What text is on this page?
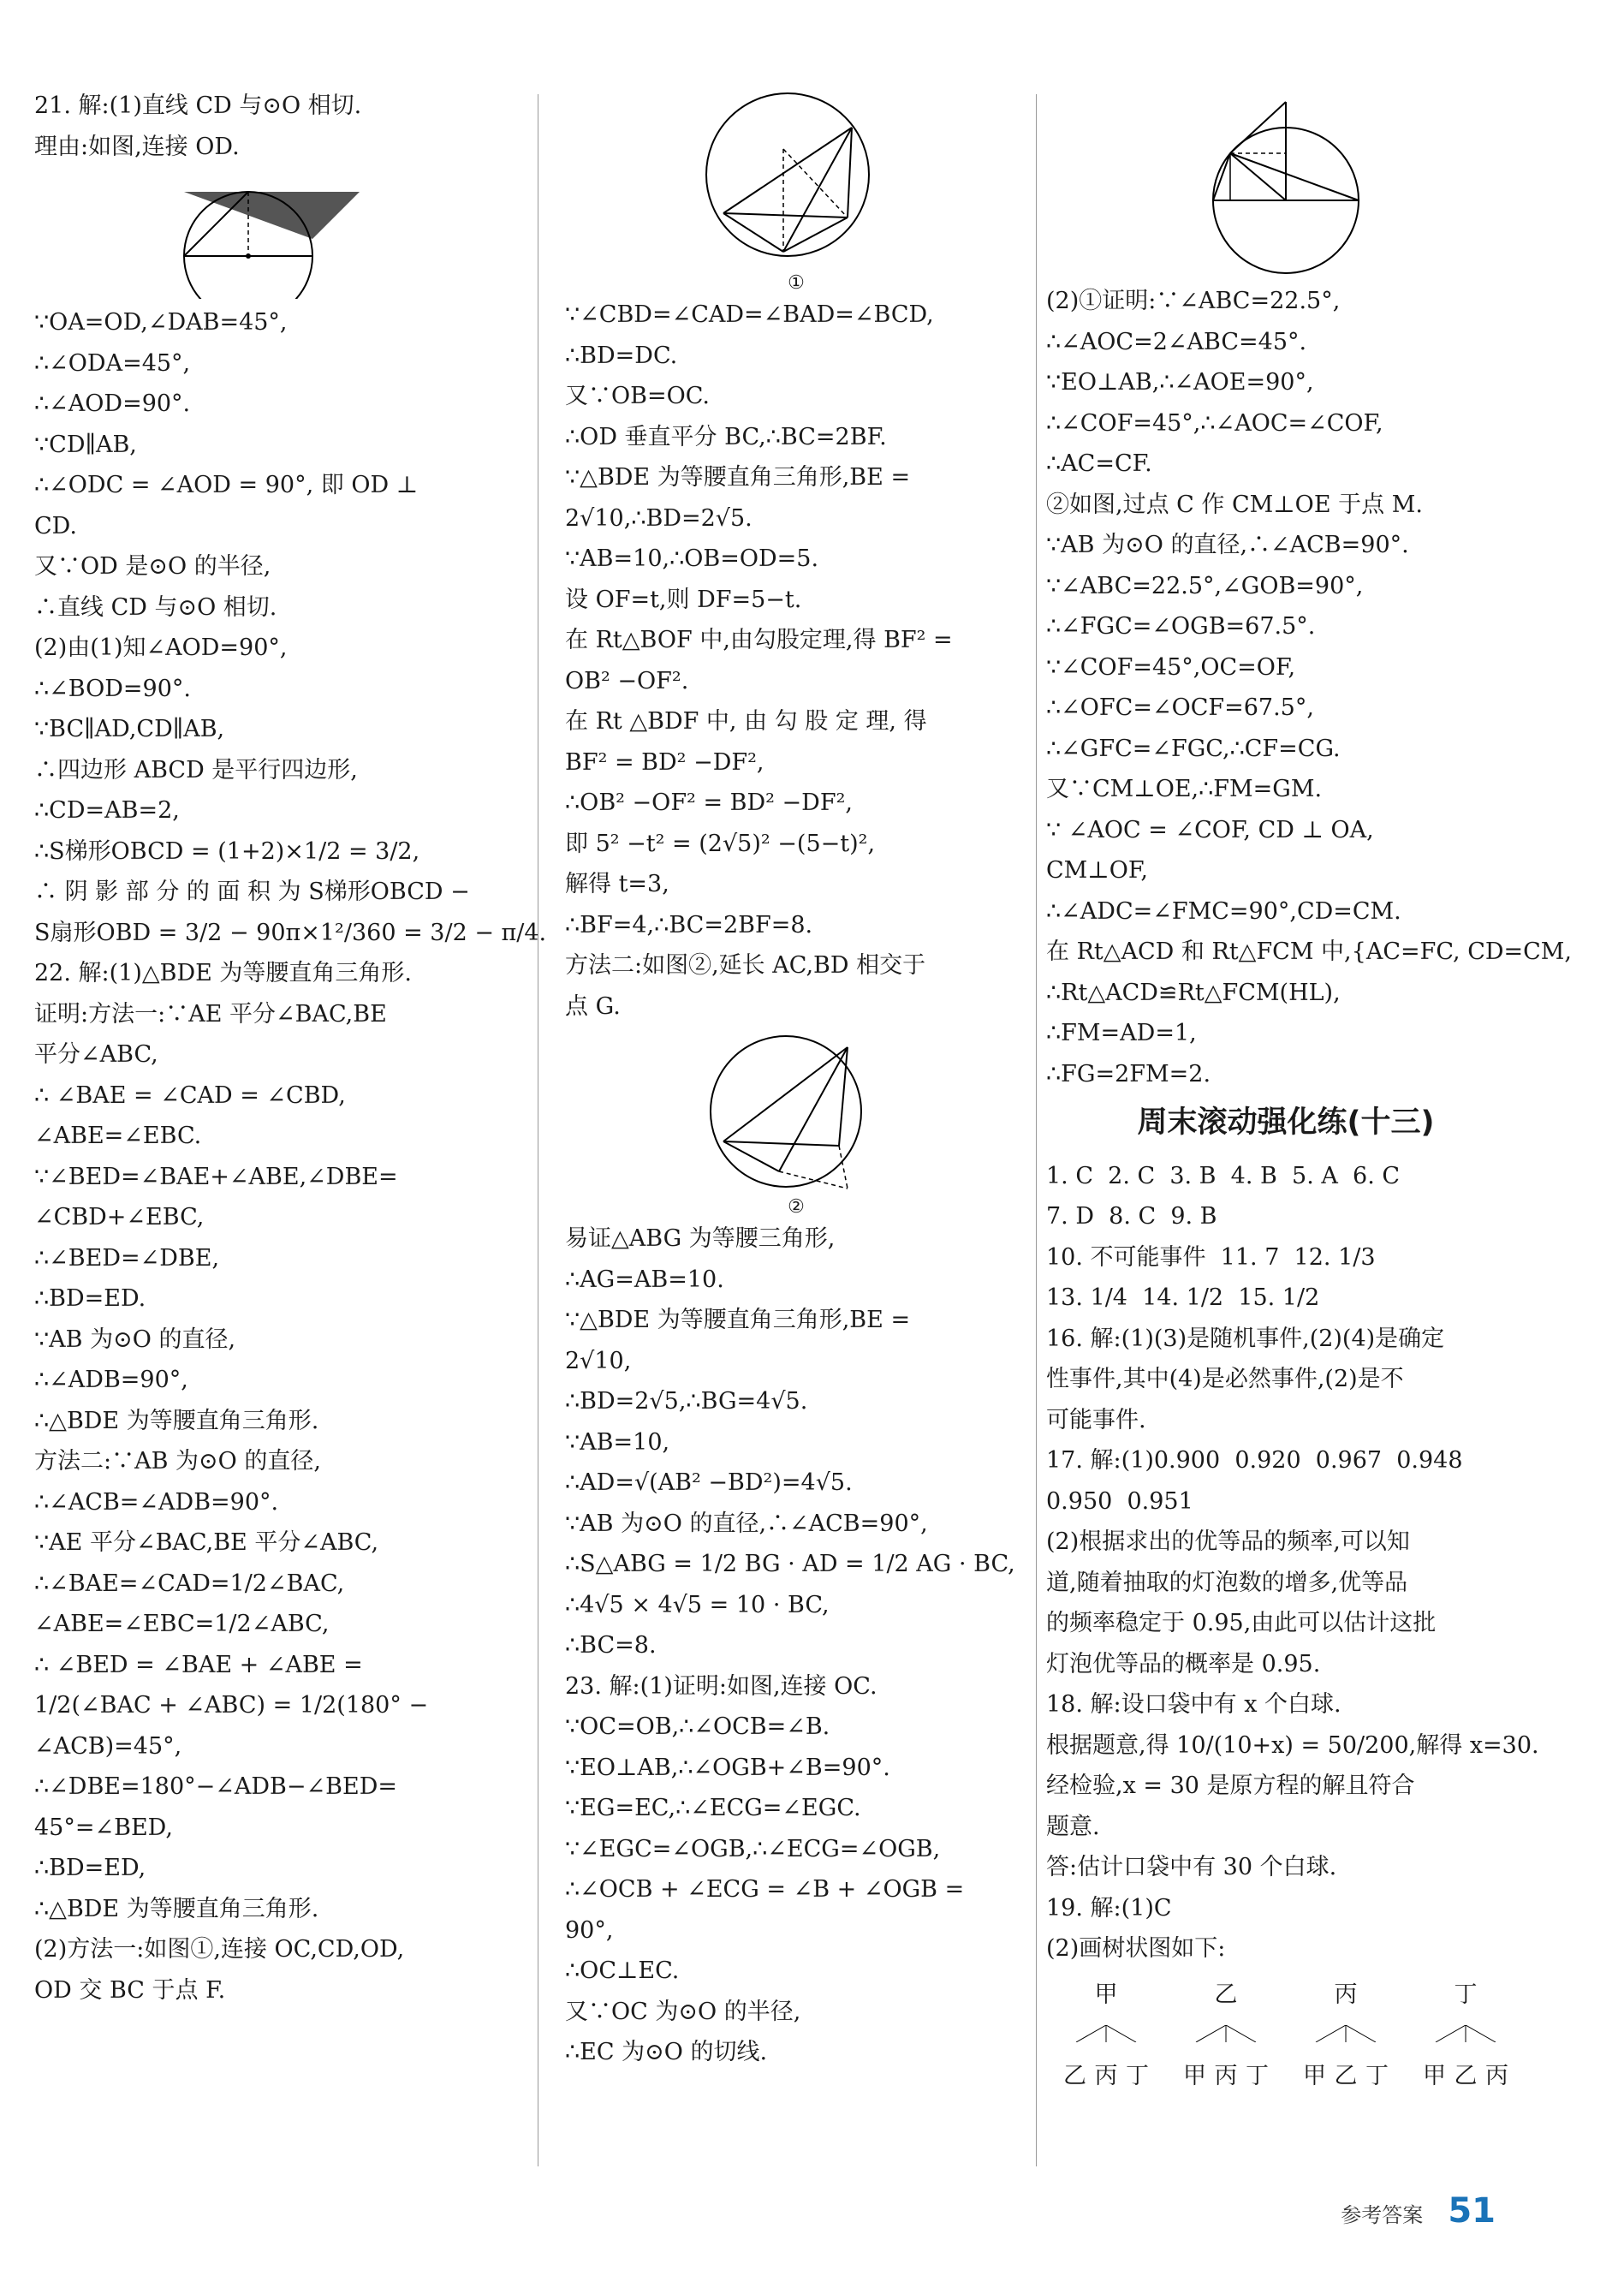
21. 解:(1)直线 CD 与⊙O 相切.
理由:如图,连接 OD.
∵OA=OD,∠DAB=45°,
∴∠ODA=45°,
∴∠AOD=90°.
∵CD∥AB,
∴∠ODC = ∠AOD = 90°, 即 OD ⊥
CD.
又∵OD 是⊙O 的半径,
∴直线 CD 与⊙O 相切.
(2)由(1)知∠AOD=90°,
∴∠BOD=90°.
∵BC∥AD,CD∥AB,
∴四边形 ABCD 是平行四边形,
∴CD=AB=2,
∴S梯形OBCD = (1+2)×1/2 = 3/2,
∴ 阴 影 部 分 的 面 积 为 S梯形OBCD −
S扇形OBD = 3/2 − 90π×1²/360 = 3/2 − π/4.
22. 解:(1)△BDE 为等腰直角三角形.
证明:方法一:∵AE 平分∠BAC,BE
平分∠ABC,
∴ ∠BAE = ∠CAD = ∠CBD,
∠ABE=∠EBC.
∵∠BED=∠BAE+∠ABE,∠DBE=
∠CBD+∠EBC,
∴∠BED=∠DBE,
∴BD=ED.
∵AB 为⊙O 的直径,
∴∠ADB=90°,
∴△BDE 为等腰直角三角形.
方法二:∵AB 为⊙O 的直径,
∴∠ACB=∠ADB=90°.
∵AE 平分∠BAC,BE 平分∠ABC,
∴∠BAE=∠CAD=1/2∠BAC,
∠ABE=∠EBC=1/2∠ABC,
∴ ∠BED = ∠BAE + ∠ABE =
1/2(∠BAC + ∠ABC) = 1/2(180° −
∠ACB)=45°,
∴∠DBE=180°−∠ADB−∠BED=
45°=∠BED,
∴BD=ED,
∴△BDE 为等腰直角三角形.
(2)方法一:如图①,连接 OC,CD,OD,
OD 交 BC 于点 F.
①
∵∠CBD=∠CAD=∠BAD=∠BCD,
∴BD=DC.
又∵OB=OC.
∴OD 垂直平分 BC,∴BC=2BF.
∵△BDE 为等腰直角三角形,BE =
2√10,∴BD=2√5.
∵AB=10,∴OB=OD=5.
设 OF=t,则 DF=5−t.
在 Rt△BOF 中,由勾股定理,得 BF² =
OB² −OF².
在 Rt △BDF 中, 由 勾 股 定 理, 得
BF² = BD² −DF²,
∴OB² −OF² = BD² −DF²,
即 5² −t² = (2√5)² −(5−t)²,
解得 t=3,
∴BF=4,∴BC=2BF=8.
方法二:如图②,延长 AC,BD 相交于
点 G.
②
易证△ABG 为等腰三角形,
∴AG=AB=10.
∵△BDE 为等腰直角三角形,BE =
2√10,
∴BD=2√5,∴BG=4√5.
∵AB=10,
∴AD=√(AB² −BD²)=4√5.
∵AB 为⊙O 的直径,∴∠ACB=90°,
∴S△ABG = 1/2 BG · AD = 1/2 AG · BC,
∴4√5 × 4√5 = 10 · BC,
∴BC=8.
23. 解:(1)证明:如图,连接 OC.
∵OC=OB,∴∠OCB=∠B.
∵EO⊥AB,∴∠OGB+∠B=90°.
∵EG=EC,∴∠ECG=∠EGC.
∵∠EGC=∠OGB,∴∠ECG=∠OGB,
∴∠OCB + ∠ECG = ∠B + ∠OGB =
90°,
∴OC⊥EC.
又∵OC 为⊙O 的半径,
∴EC 为⊙O 的切线.
(2)①证明:∵∠ABC=22.5°,
∴∠AOC=2∠ABC=45°.
∵EO⊥AB,∴∠AOE=90°,
∴∠COF=45°,∴∠AOC=∠COF,
∴AC=CF.
②如图,过点 C 作 CM⊥OE 于点 M.
∵AB 为⊙O 的直径,∴∠ACB=90°.
∵∠ABC=22.5°,∠GOB=90°,
∴∠FGC=∠OGB=67.5°.
∵∠COF=45°,OC=OF,
∴∠OFC=∠OCF=67.5°,
∴∠GFC=∠FGC,∴CF=CG.
又∵CM⊥OE,∴FM=GM.
∵ ∠AOC = ∠COF, CD ⊥ OA,
CM⊥OF,
∴∠ADC=∠FMC=90°,CD=CM.
在 Rt△ACD 和 Rt△FCM 中,{AC=FC, CD=CM,
∴Rt△ACD≌Rt△FCM(HL),
∴FM=AD=1,
∴FG=2FM=2.
周末滚动强化练(十三)
1. C  2. C  3. B  4. B  5. A  6. C
7. D  8. C  9. B
10. 不可能事件  11. 7  12. 1/3
13. 1/4  14. 1/2  15. 1/2
16. 解:(1)(3)是随机事件,(2)(4)是确定
性事件,其中(4)是必然事件,(2)是不
可能事件.
17. 解:(1)0.900  0.920  0.967  0.948
0.950  0.951
(2)根据求出的优等品的频率,可以知
道,随着抽取的灯泡数的增多,优等品
的频率稳定于 0.95,由此可以估计这批
灯泡优等品的概率是 0.95.
18. 解:设口袋中有 x 个白球.
根据题意,得 10/(10+x) = 50/200,解得 x=30.
经检验,x = 30 是原方程的解且符合
题意.
答:估计口袋中有 30 个白球.
19. 解:(1)C
(2)画树状图如下:
甲
乙 丙 丁
乙
甲 丙 丁
丙
甲 乙 丁
丁
甲 乙 丙
参考答案 51
